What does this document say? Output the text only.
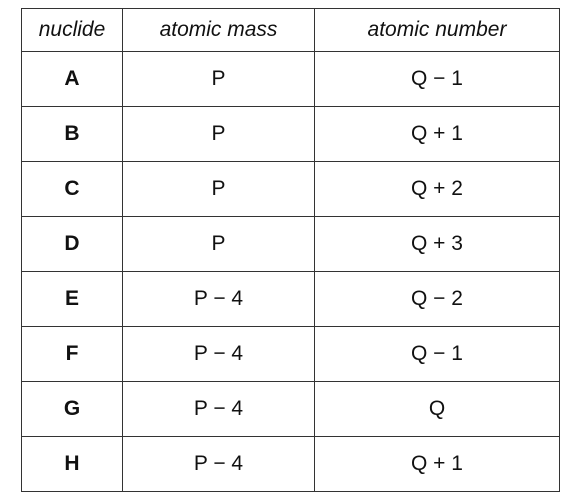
nuclide	atomic mass	atomic number
A	P	Q − 1
B	P	Q + 1
C	P	Q + 2
D	P	Q + 3
E	P − 4	Q − 2
F	P − 4	Q − 1
G	P − 4	Q
H	P − 4	Q + 1
